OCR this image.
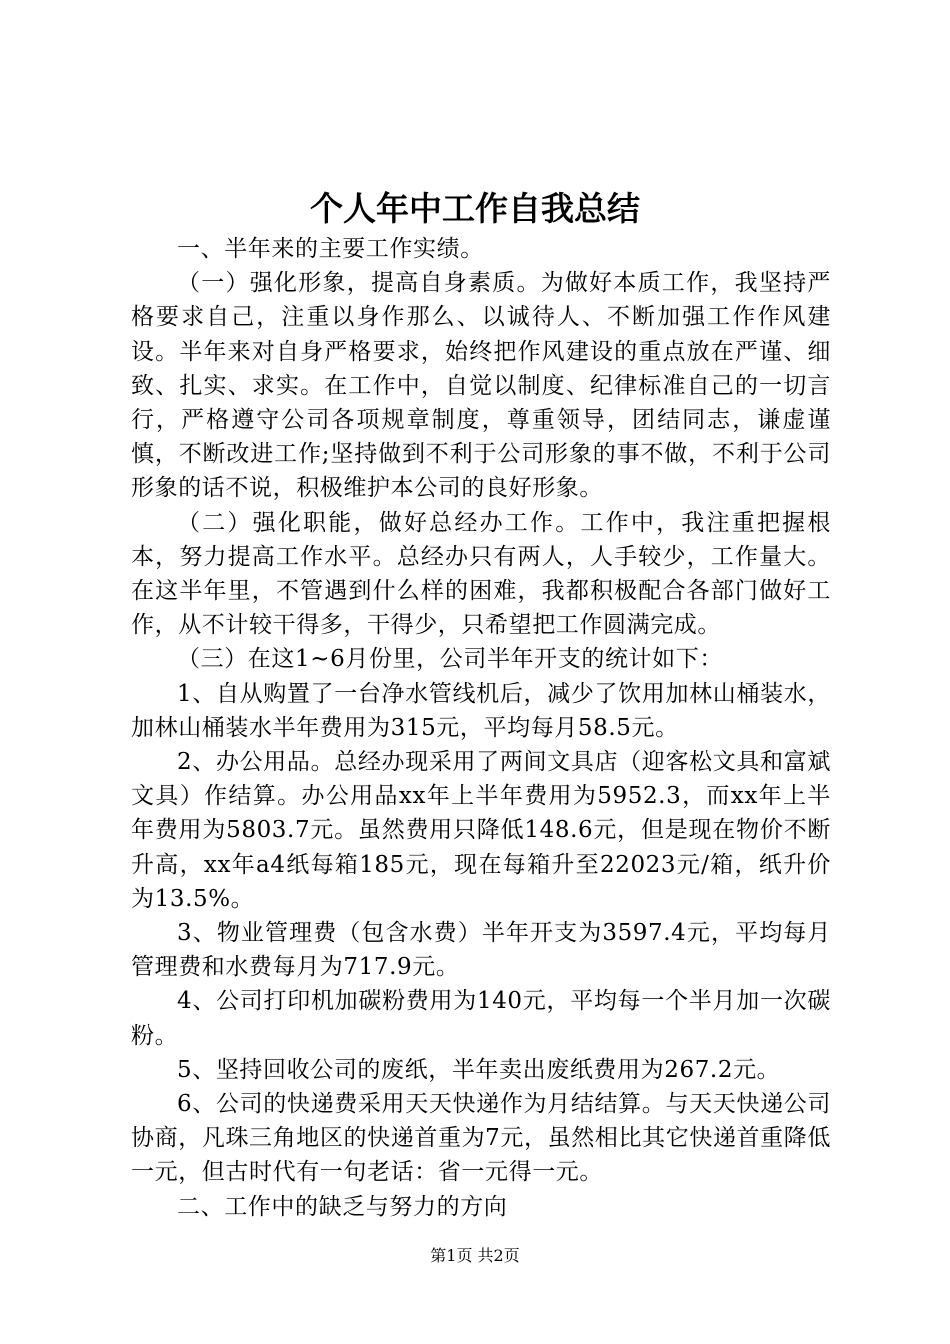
个人年中工作自我总结

一、半年来的主要工作实绩。

（一）强化形象，提高自身素质。为做好本质工作，我坚持严格要求自己，注重以身作那么、以诚待人、不断加强工作作风建设。半年来对自身严格要求，始终把作风建设的重点放在严谨、细致、扎实、求实。在工作中，自觉以制度、纪律标准自己的一切言行，严格遵守公司各项规章制度，尊重领导，团结同志，谦虚谨慎，不断改进工作;坚持做到不利于公司形象的事不做，不利于公司形象的话不说，积极维护本公司的良好形象。

（二）强化职能，做好总经办工作。工作中，我注重把握根本，努力提高工作水平。总经办只有两人，人手较少，工作量大。在这半年里，不管遇到什么样的困难，我都积极配合各部门做好工作，从不计较干得多，干得少，只希望把工作圆满完成。

（三）在这1~6月份里，公司半年开支的统计如下：

1、自从购置了一台净水管线机后，减少了饮用加林山桶装水，加林山桶装水半年费用为315元，平均每月58.5元。

2、办公用品。总经办现采用了两间文具店（迎客松文具和富斌文具）作结算。办公用品xx年上半年费用为5952.3，而xx年上半年费用为5803.7元。虽然费用只降低148.6元，但是现在物价不断升高，xx年a4纸每箱185元，现在每箱升至22023元/箱，纸升价为13.5%。

3、物业管理费（包含水费）半年开支为3597.4元，平均每月管理费和水费每月为717.9元。

4、公司打印机加碳粉费用为140元，平均每一个半月加一次碳粉。

5、坚持回收公司的废纸，半年卖出废纸费用为267.2元。

6、公司的快递费采用天天快递作为月结结算。与天天快递公司协商，凡珠三角地区的快递首重为7元，虽然相比其它快递首重降低一元，但古时代有一句老话：省一元得一元。

二、工作中的缺乏与努力的方向

第1页 共2页
